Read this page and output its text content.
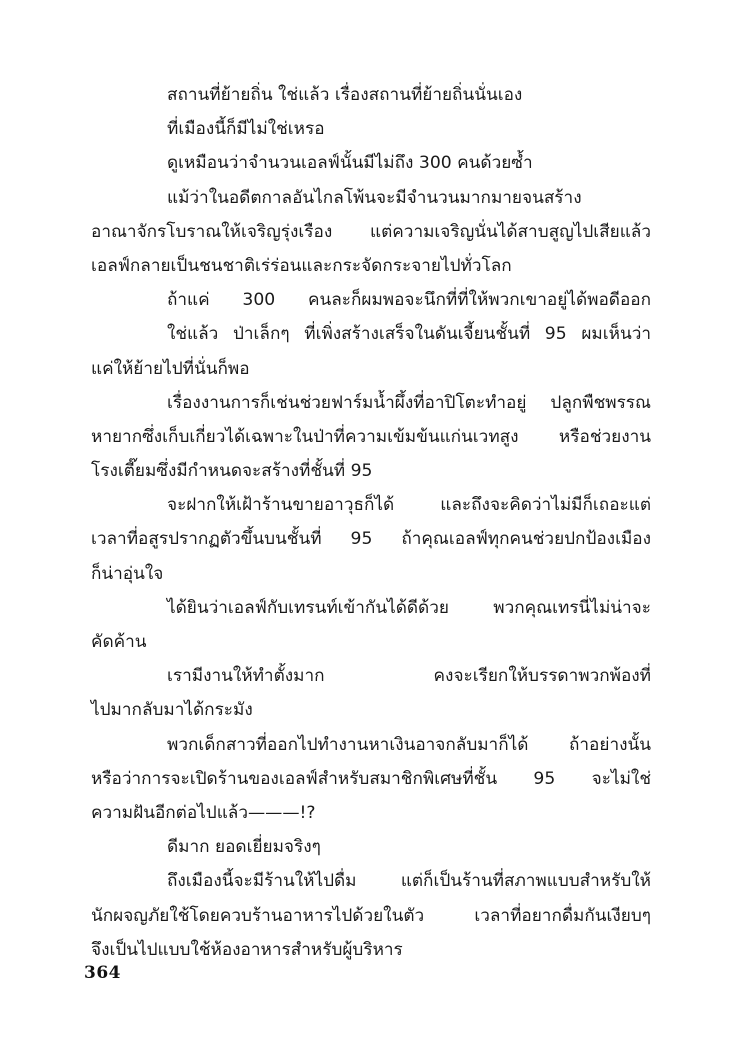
สถานที่ย้ายถิ่น ใช่แล้ว เรื่องสถานที่ย้ายถิ่นนั่นเอง
ที่เมืองนี้ก็มีไม่ใช่เหรอ
ดูเหมือนว่าจำนวนเอลฟ์นั้นมีไม่ถึง 300 คนด้วยซ้ำ
แม้ว่าในอดีตกาลอันไกลโพ้นจะมีจำนวนมากมายจนสร้าง
อาณาจักรโบราณให้เจริญรุ่งเรือง แต่ความเจริญนั่นได้สาบสูญไปเสียแล้ว
เอลฟ์กลายเป็นชนชาติเร่ร่อนและกระจัดกระจายไปทั่วโลก
ถ้าแค่ 300 คนละก็ผมพอจะนึกที่ที่ให้พวกเขาอยู่ได้พอดีออก
ใช่แล้ว ป่าเล็กๆ ที่เพิ่งสร้างเสร็จในดันเจี้ยนชั้นที่ 95 ผมเห็นว่า
แค่ให้ย้ายไปที่นั่นก็พอ
เรื่องงานการก็เช่นช่วยฟาร์มน้ำผึ้งที่อาปิโตะทำอยู่ ปลูกพืชพรรณ
หายากซึ่งเก็บเกี่ยวได้เฉพาะในป่าที่ความเข้มข้นแก่นเวทสูง หรือช่วยงาน
โรงเตี๊ยมซึ่งมีกำหนดจะสร้างที่ชั้นที่ 95
จะฝากให้เฝ้าร้านขายอาวุธก็ได้ และถึงจะคิดว่าไม่มีก็เถอะแต่
เวลาที่อสูรปรากฏตัวขึ้นบนชั้นที่ 95 ถ้าคุณเอลฟ์ทุกคนช่วยปกป้องเมือง
ก็น่าอุ่นใจ
ได้ยินว่าเอลฟ์กับเทรนท์เข้ากันได้ดีด้วย พวกคุณเทรนี่ไม่น่าจะ
คัดค้าน
เรามีงานให้ทำตั้งมาก คงจะเรียกให้บรรดาพวกพ้องที่
ไปมากลับมาได้กระมัง
พวกเด็กสาวที่ออกไปทำงานหาเงินอาจกลับมาก็ได้ ถ้าอย่างนั้น
หรือว่าการจะเปิดร้านของเอลฟ์สำหรับสมาชิกพิเศษที่ชั้น 95 จะไม่ใช่
ความฝันอีกต่อไปแล้ว———!?
ดีมาก ยอดเยี่ยมจริงๆ
ถึงเมืองนี้จะมีร้านให้ไปดื่ม แต่ก็เป็นร้านที่สภาพแบบสำหรับให้
นักผจญภัยใช้โดยควบร้านอาหารไปด้วยในตัว เวลาที่อยากดื่มกันเงียบๆ
จึงเป็นไปแบบใช้ห้องอาหารสำหรับผู้บริหาร
364
